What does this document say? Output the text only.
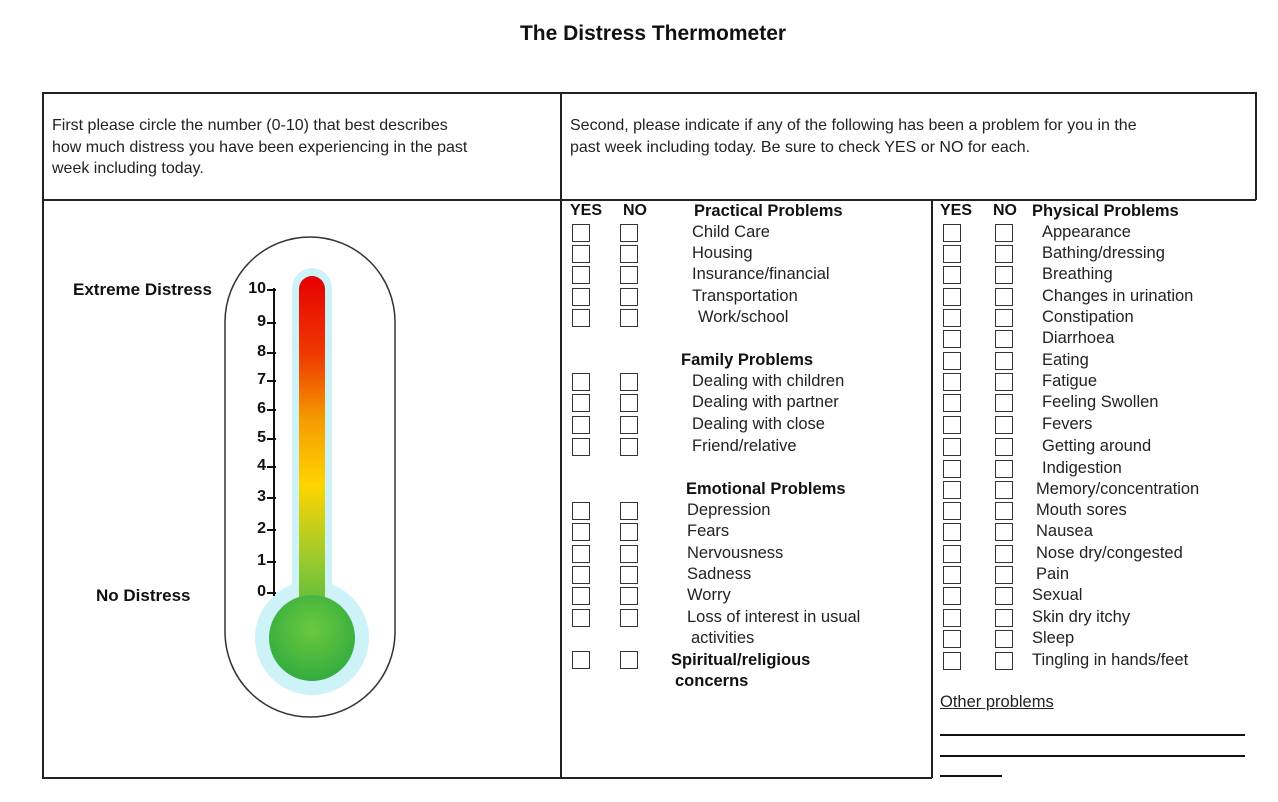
The Distress Thermometer
First please circle the number (0-10) that best describes
how much distress you have been experiencing in the past
week including today.
Second, please indicate if any of the following has been a problem for you in the
past week including today. Be sure to check YES or NO for each.
Extreme Distress
No Distress
10
9
8
7
6
5
4
3
2
1
0
YES NO	Practical Problems
Child Care
Housing
Insurance/financial
Transportation
Work/school
Family Problems
Dealing with children
Dealing with partner
Dealing with close
Friend/relative
Emotional Problems
Depression
Fears
Nervousness
Sadness
Worry
Loss of interest in usual
activities
Spiritual/religious
concerns
YES NO Physical Problems
Appearance
Bathing/dressing
Breathing
Changes in urination
Constipation
Diarrhoea
Eating
Fatigue
Feeling Swollen
Fevers
Getting around
Indigestion
Memory/concentration
Mouth sores
Nausea
Nose dry/congested
Pain
Sexual
Skin dry itchy
Sleep
Tingling in hands/feet
Other problems
